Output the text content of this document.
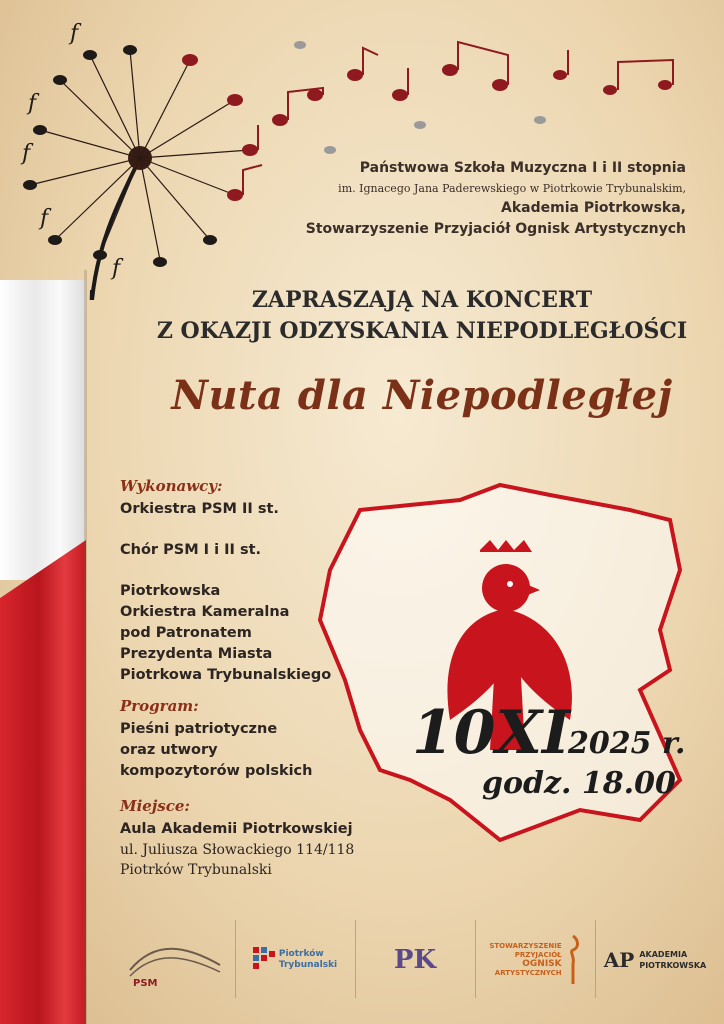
f
f
f
f
f

Państwowa Szkoła Muzyczna I i II stopnia

im. Ignacego Jana Paderewskiego w Piotrkowie Trybunalskim,

Akademia Piotrkowska,

Stowarzyszenie Przyjaciół Ognisk Artystycznych

ZAPRASZAJĄ NA KONCERT

Z OKAZJI ODZYSKANIA NIEPODLEGŁOŚCI

Nuta dla Niepodległej

Wykonawcy:

Orkiestra PSM II st.

Chór PSM I i II st.

Piotrkowska

Orkiestra Kameralna

pod Patronatem

Prezydenta Miasta

Piotrkowa Trybunalskiego

Program:

Pieśni patriotyczne

oraz utwory

kompozytorów polskich

Miejsce:

Aula Akademii Piotrkowskiej

ul. Juliusza Słowackiego 114/118

Piotrków Trybunalski

10XI

2025 r.

godz. 18.00

PSM
Piotrków
Trybunalski PK	STOWARZYSZENIE
PRZYJACIÓŁ
OGNISK
ARTYSTYCZNYCH
AP AKADEMIA
PIOTRKOWSKA
